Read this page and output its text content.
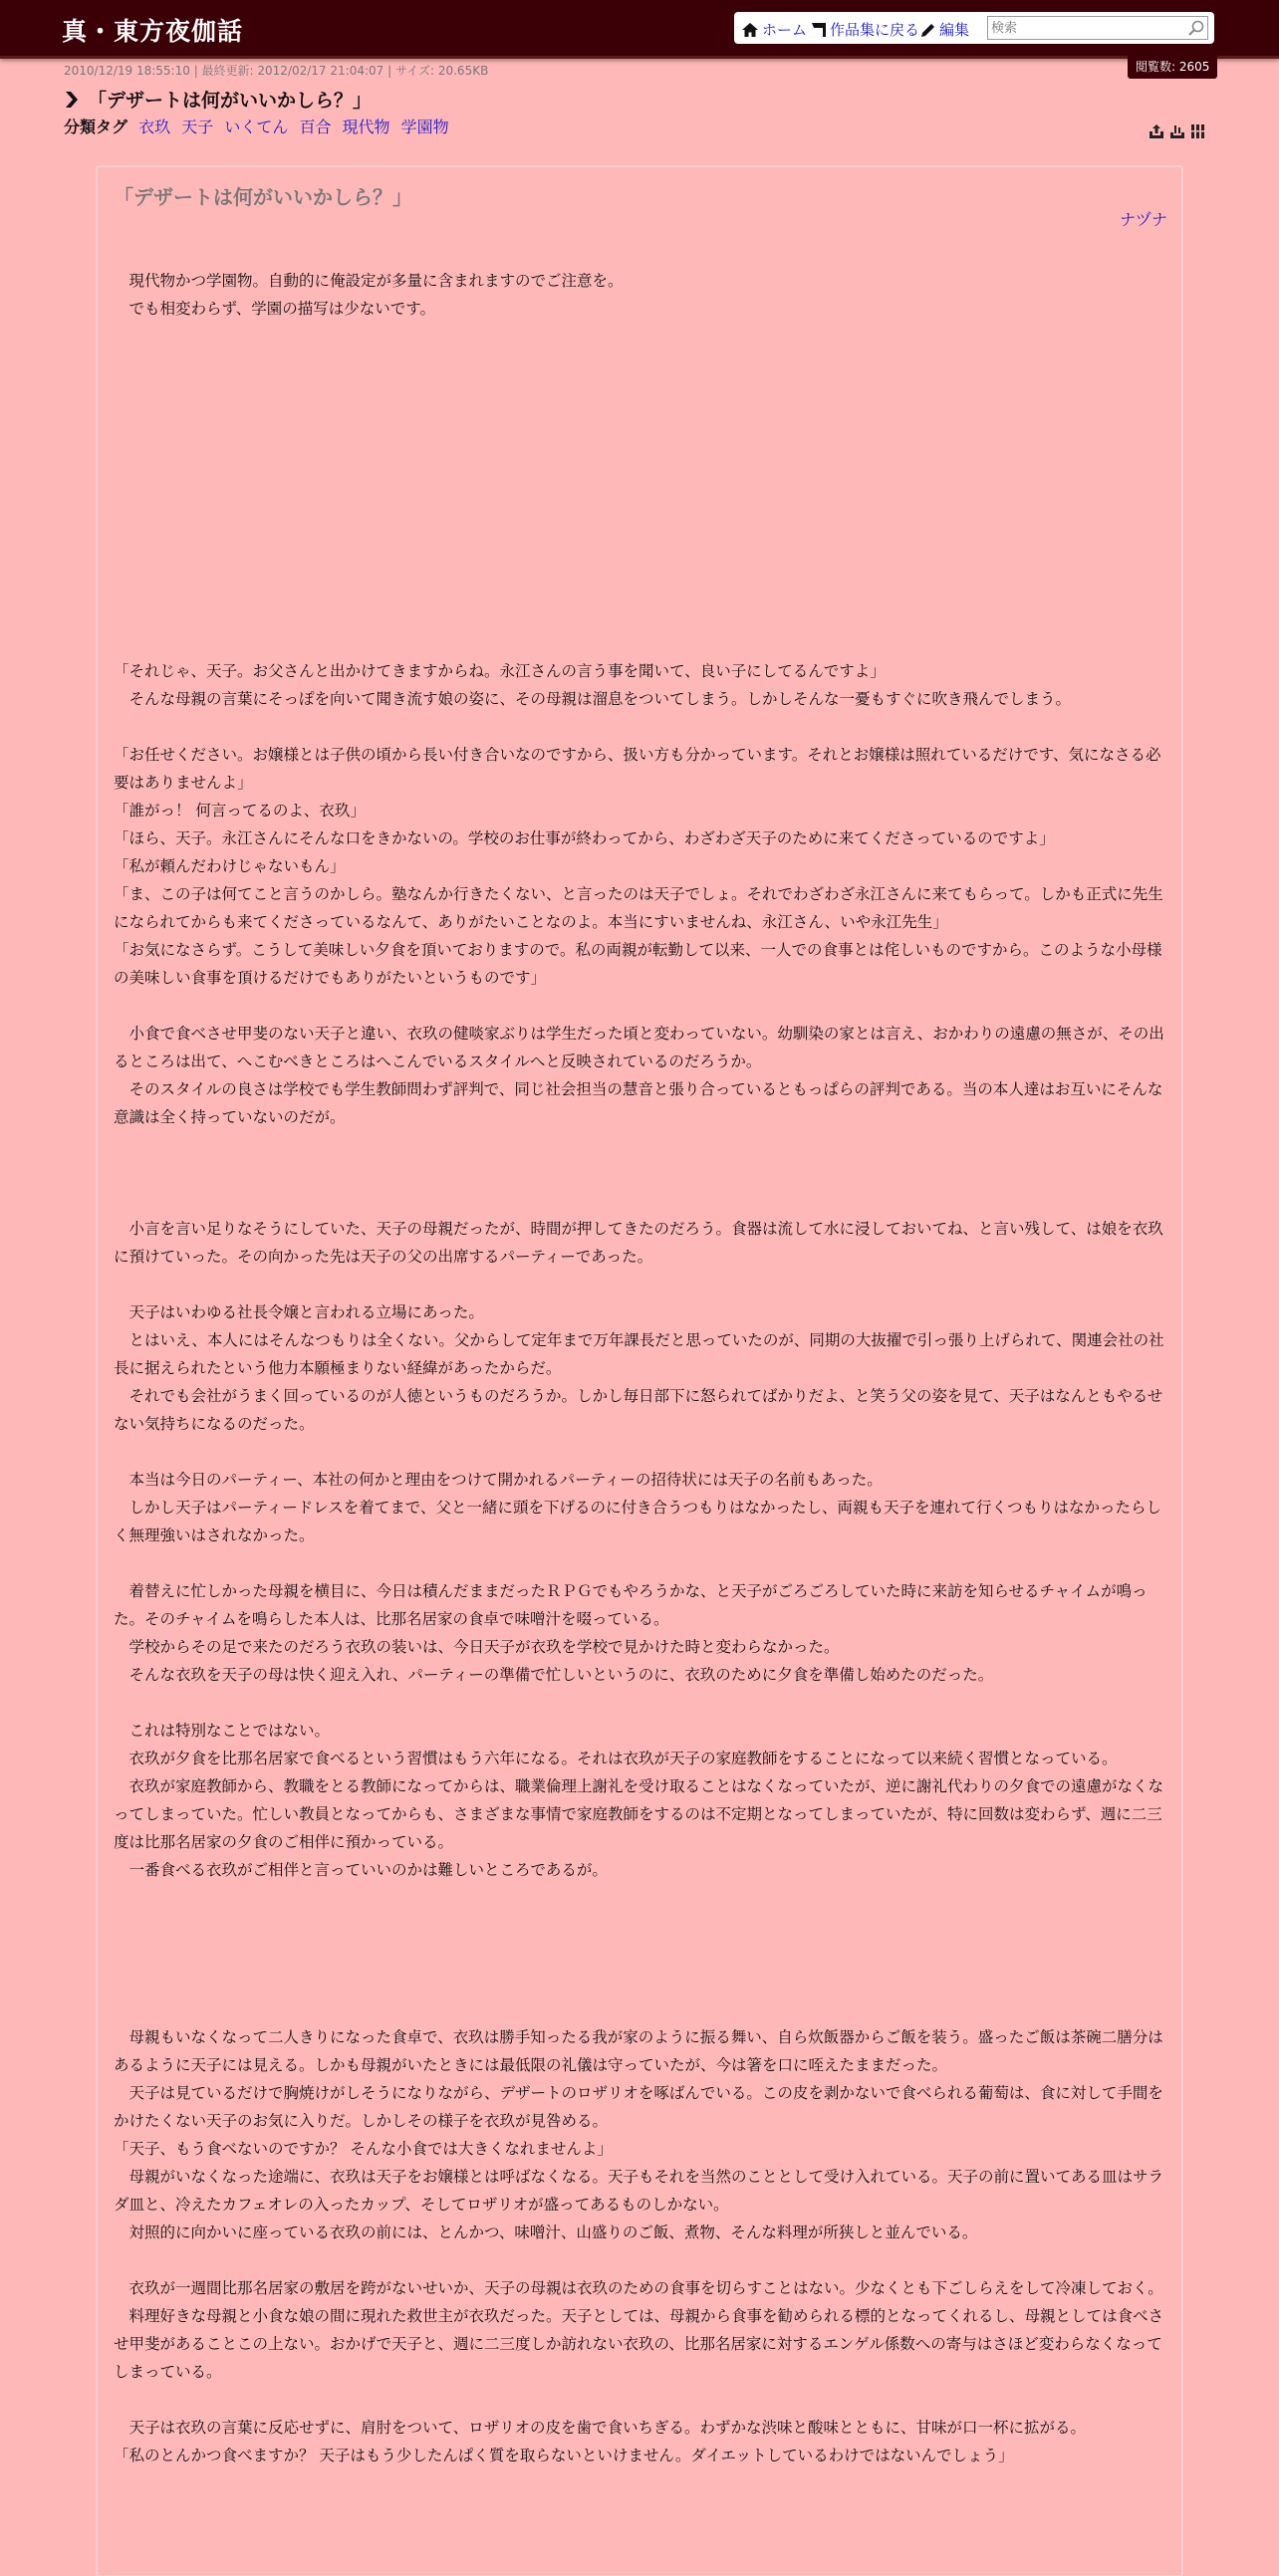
真・東方夜伽話	ホーム 作品集に戻る 編集
検索
2010/12/19 18:55:10 | 最終更新: 2012/02/17 21:04:07 | サイズ: 20.65KB	閲覧数: 2605
「デザートは何がいいかしら？」
分類タグ 衣玖 天子 いくてん 百合 現代物 学園物
「デザートは何がいいかしら？」
ナヅナ

　現代物かつ学園物。自動的に俺設定が多量に含まれますのでご注意を。

　でも相変わらず、学園の描写は少ないです。

「それじゃ、天子。お父さんと出かけてきますからね。永江さんの言う事を聞いて、良い子にしてるんですよ」

　そんな母親の言葉にそっぽを向いて聞き流す娘の姿に、その母親は溜息をついてしまう。しかしそんな一憂もすぐに吹き飛んでしまう。

「お任せください。お嬢様とは子供の頃から長い付き合いなのですから、扱い方も分かっています。それとお嬢様は照れているだけです、気になさる必要はありませんよ」

「誰がっ！ 何言ってるのよ、衣玖」

「ほら、天子。永江さんにそんな口をきかないの。学校のお仕事が終わってから、わざわざ天子のために来てくださっているのですよ」

「私が頼んだわけじゃないもん」

「ま、この子は何てこと言うのかしら。塾なんか行きたくない、と言ったのは天子でしょ。それでわざわざ永江さんに来てもらって。しかも正式に先生になられてからも来てくださっているなんて、ありがたいことなのよ。本当にすいませんね、永江さん、いや永江先生」

「お気になさらず。こうして美味しい夕食を頂いておりますので。私の両親が転勤して以来、一人での食事とは侘しいものですから。このような小母様の美味しい食事を頂けるだけでもありがたいというものです」

　小食で食べさせ甲斐のない天子と違い、衣玖の健啖家ぶりは学生だった頃と変わっていない。幼馴染の家とは言え、おかわりの遠慮の無さが、その出るところは出て、へこむべきところはへこんでいるスタイルへと反映されているのだろうか。

　そのスタイルの良さは学校でも学生教師問わず評判で、同じ社会担当の慧音と張り合っているともっぱらの評判である。当の本人達はお互いにそんな意識は全く持っていないのだが。

　小言を言い足りなそうにしていた、天子の母親だったが、時間が押してきたのだろう。食器は流して水に浸しておいてね、と言い残して、は娘を衣玖に預けていった。その向かった先は天子の父の出席するパーティーであった。

　天子はいわゆる社長令嬢と言われる立場にあった。

　とはいえ、本人にはそんなつもりは全くない。父からして定年まで万年課長だと思っていたのが、同期の大抜擢で引っ張り上げられて、関連会社の社長に据えられたという他力本願極まりない経緯があったからだ。

　それでも会社がうまく回っているのが人徳というものだろうか。しかし毎日部下に怒られてばかりだよ、と笑う父の姿を見て、天子はなんともやるせない気持ちになるのだった。

　本当は今日のパーティー、本社の何かと理由をつけて開かれるパーティーの招待状には天子の名前もあった。

　しかし天子はパーティードレスを着てまで、父と一緒に頭を下げるのに付き合うつもりはなかったし、両親も天子を連れて行くつもりはなかったらしく無理強いはされなかった。

　着替えに忙しかった母親を横目に、今日は積んだままだったＲＰＧでもやろうかな、と天子がごろごろしていた時に来訪を知らせるチャイムが鳴った。そのチャイムを鳴らした本人は、比那名居家の食卓で味噌汁を啜っている。

　学校からその足で来たのだろう衣玖の装いは、今日天子が衣玖を学校で見かけた時と変わらなかった。

　そんな衣玖を天子の母は快く迎え入れ、パーティーの準備で忙しいというのに、衣玖のために夕食を準備し始めたのだった。

　これは特別なことではない。

　衣玖が夕食を比那名居家で食べるという習慣はもう六年になる。それは衣玖が天子の家庭教師をすることになって以来続く習慣となっている。

　衣玖が家庭教師から、教職をとる教師になってからは、職業倫理上謝礼を受け取ることはなくなっていたが、逆に謝礼代わりの夕食での遠慮がなくなってしまっていた。忙しい教員となってからも、さまざまな事情で家庭教師をするのは不定期となってしまっていたが、特に回数は変わらず、週に二三度は比那名居家の夕食のご相伴に預かっている。

　一番食べる衣玖がご相伴と言っていいのかは難しいところであるが。

　母親もいなくなって二人きりになった食卓で、衣玖は勝手知ったる我が家のように振る舞い、自ら炊飯器からご飯を装う。盛ったご飯は茶碗二膳分はあるように天子には見える。しかも母親がいたときには最低限の礼儀は守っていたが、今は箸を口に咥えたままだった。

　天子は見ているだけで胸焼けがしそうになりながら、デザートのロザリオを啄ばんでいる。この皮を剥かないで食べられる葡萄は、食に対して手間をかけたくない天子のお気に入りだ。しかしその様子を衣玖が見咎める。

「天子、もう食べないのですか？ そんな小食では大きくなれませんよ」

　母親がいなくなった途端に、衣玖は天子をお嬢様とは呼ばなくなる。天子もそれを当然のこととして受け入れている。天子の前に置いてある皿はサラダ皿と、冷えたカフェオレの入ったカップ、そしてロザリオが盛ってあるものしかない。

　対照的に向かいに座っている衣玖の前には、とんかつ、味噌汁、山盛りのご飯、煮物、そんな料理が所狭しと並んでいる。

　衣玖が一週間比那名居家の敷居を跨がないせいか、天子の母親は衣玖のための食事を切らすことはない。少なくとも下ごしらえをして冷凍しておく。

　料理好きな母親と小食な娘の間に現れた救世主が衣玖だった。天子としては、母親から食事を勧められる標的となってくれるし、母親としては食べさせ甲斐があることこの上ない。おかげで天子と、週に二三度しか訪れない衣玖の、比那名居家に対するエンゲル係数への寄与はさほど変わらなくなってしまっている。

　天子は衣玖の言葉に反応せずに、肩肘をついて、ロザリオの皮を歯で食いちぎる。わずかな渋味と酸味とともに、甘味が口一杯に拡がる。

「私のとんかつ食べますか？ 天子はもう少したんぱく質を取らないといけません。ダイエットしているわけではないんでしょう」
